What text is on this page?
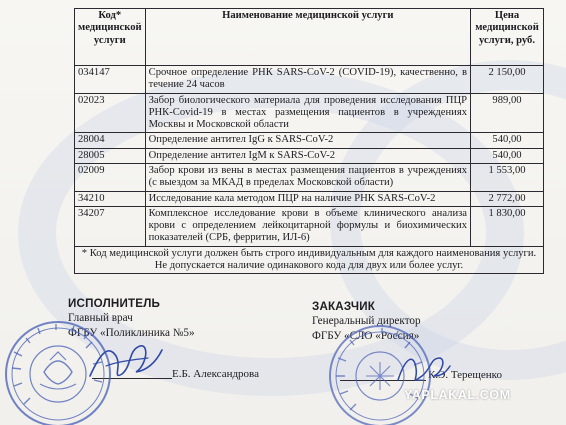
Код* медицинской услуги	Наименование медицинской услуги	Цена медицинской услуги, руб.
034147	Срочное определение РНК SARS-CoV-2 (COVID-19), качественно, в течение 24 часов	2 150,00
02023	Забор биологического материала для проведения исследования ПЦР РНК-Covid-19 в местах размещения пациентов в учреждениях Москвы и Московской области	989,00
28004	Определение антител IgG к SARS-CoV-2	540,00
28005	Определение антител IgM к SARS-CoV-2	540,00
02009	Забор крови из вены в местах размещения пациентов в учреждениях (с выездом за МКАД в пределах Московской области)	1 553,00
34210	Исследование кала методом ПЦР на наличие РНК SARS-CoV-2	2 772,00
34207	Комплексное исследование крови в объеме клинического анализа крови с определением лейкоцитарной формулы и биохимических показателей (СРБ, ферритин, ИЛ-6)	1 830,00
* Код медицинской услуги должен быть строго индивидуальным для каждого наименования услуги. Не допускается наличие одинакового кода для двух или более услуг.		
ИСПОЛНИТЕЛЬ
Главный врач
ФГБУ «Поликлиника №5»
Е.Б. Александрова
ЗАКАЗЧИК
Генеральный директор
ФГБУ «СЛО «Россия»
К.Э. Терещенко
YAPLAKAL.COM
